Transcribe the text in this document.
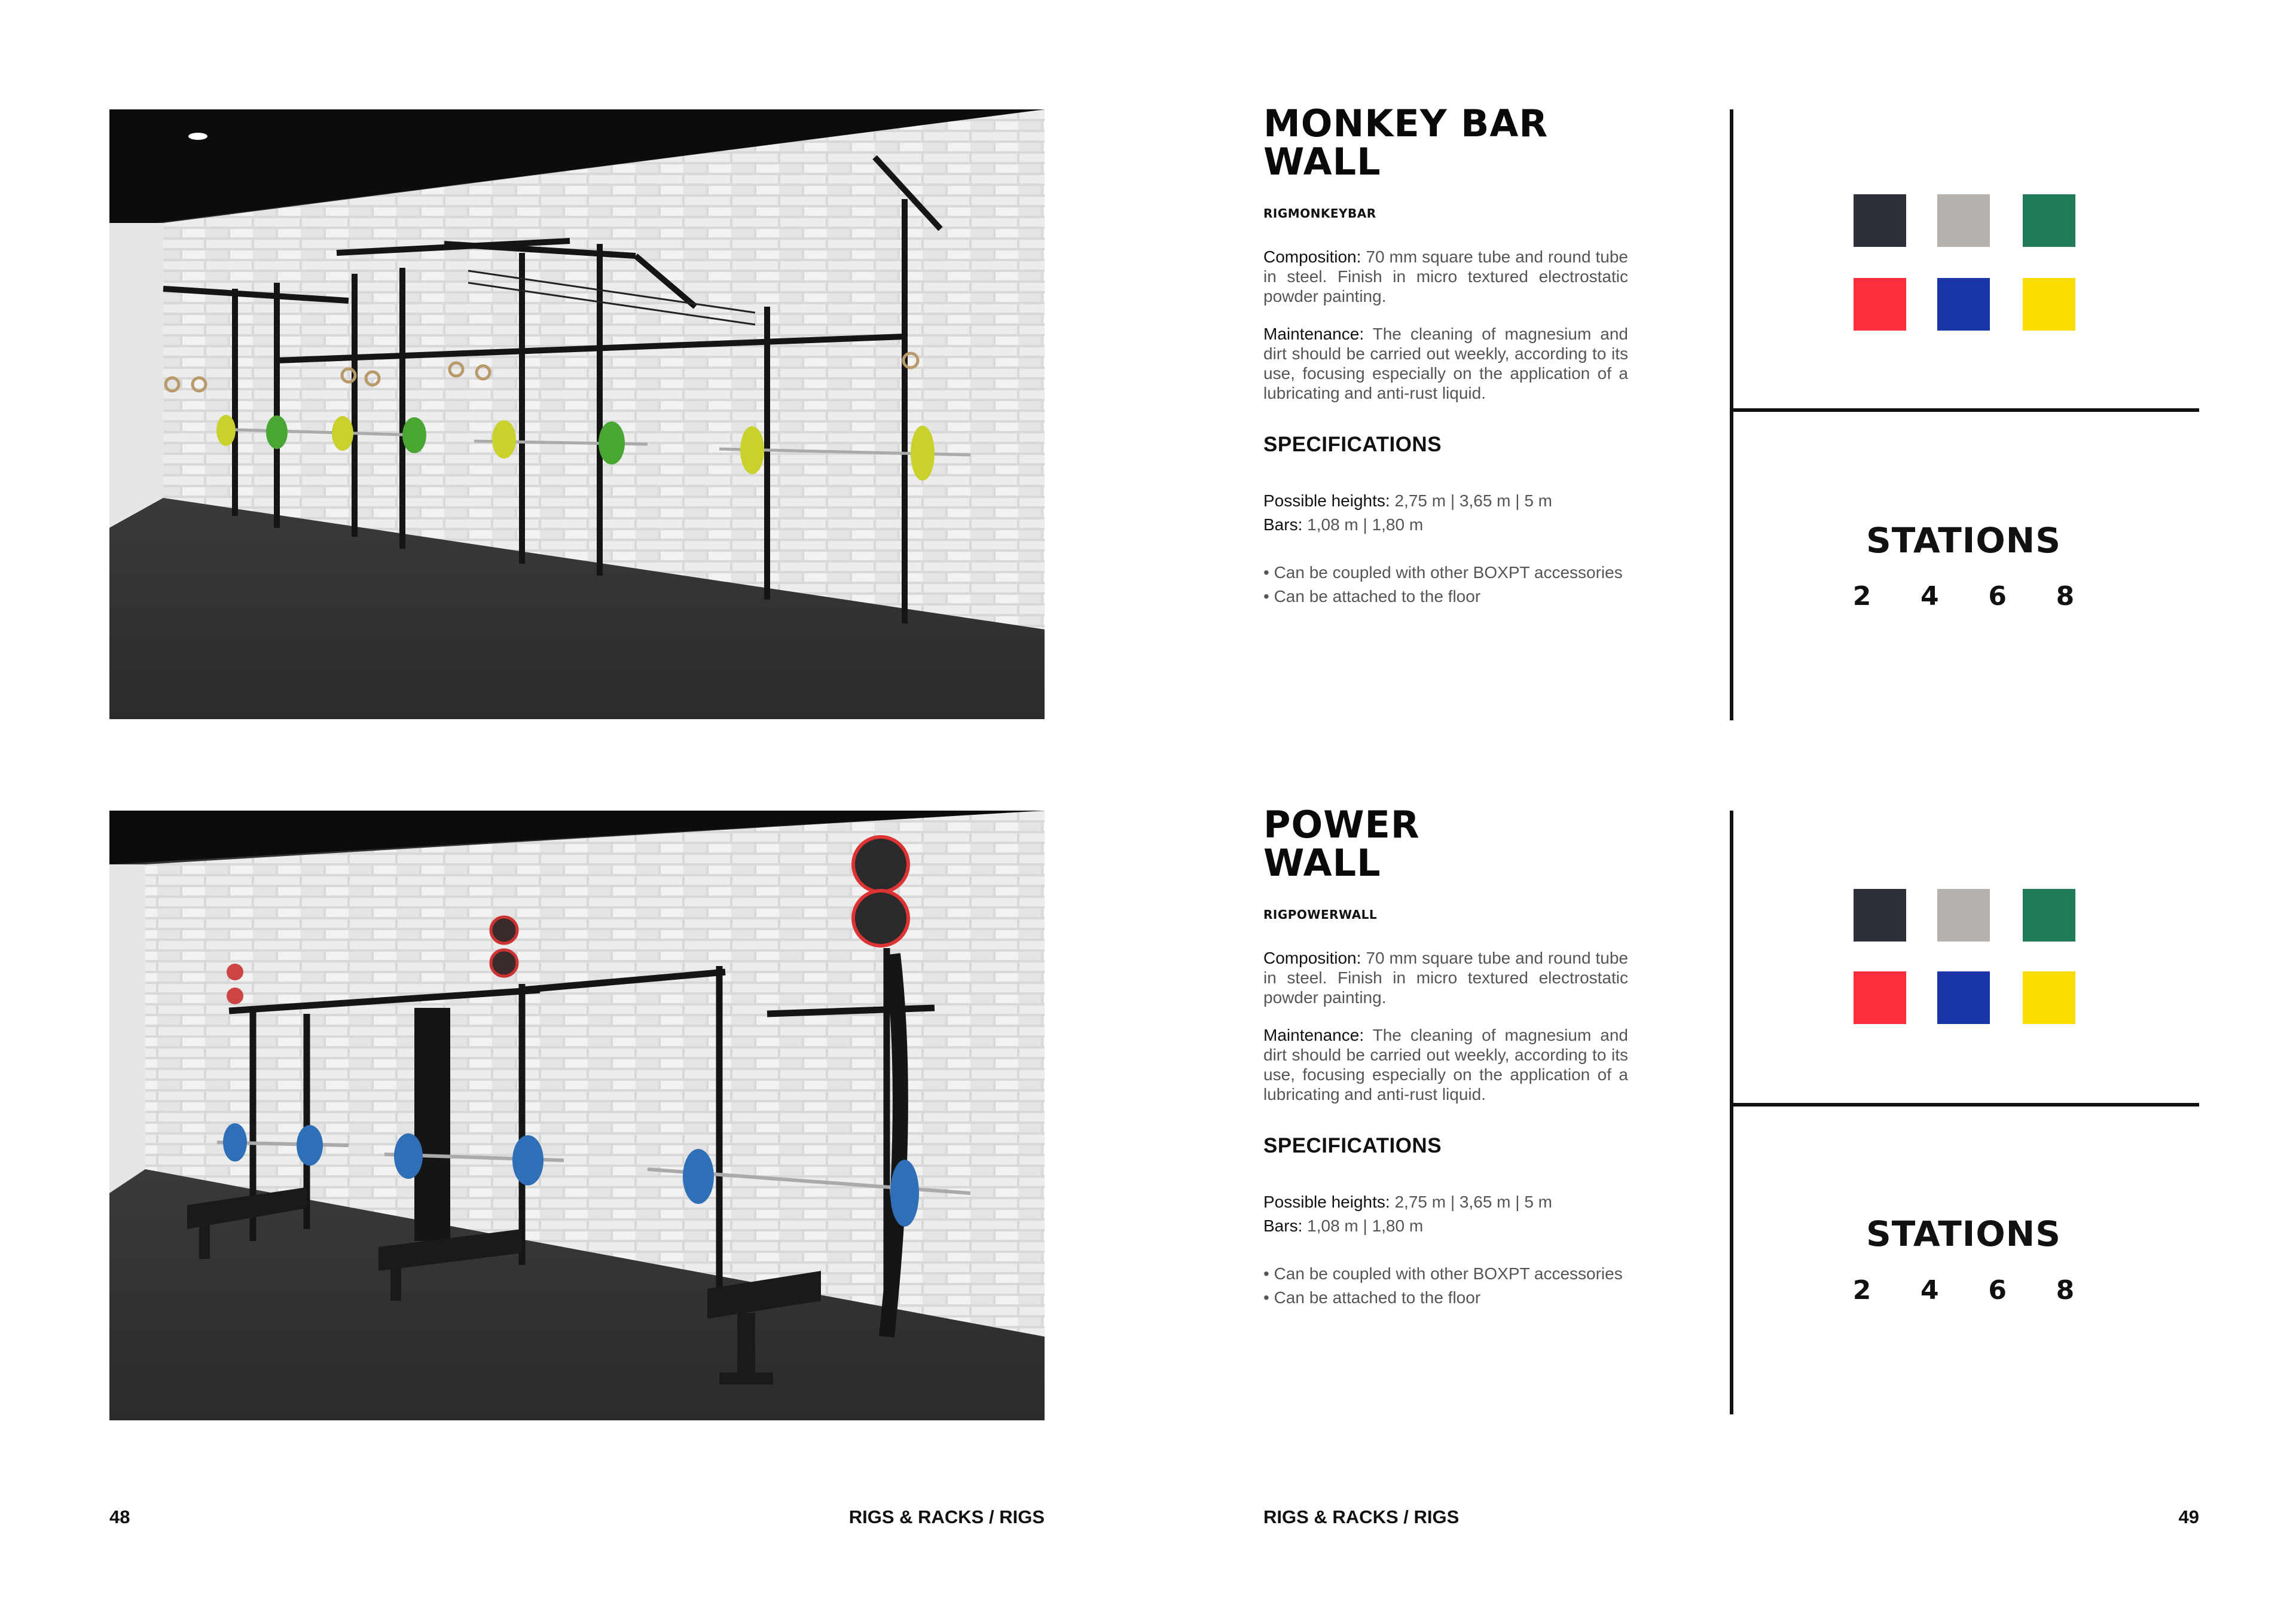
MONKEY BAR
WALL
RIGMONKEYBAR
Composition: 70 mm square tube and round tube in steel. Finish in micro textured electrostatic powder painting.
Maintenance: The cleaning of magnesium and dirt should be carried out weekly, according to its use, focusing especially on the application of a lubricating and anti-rust liquid.
SPECIFICATIONS
Possible heights: 2,75 m | 3,65 m | 5 m
Bars: 1,08 m | 1,80 m
• Can be coupled with other BOXPT accessories
• Can be attached to the floor
POWER
WALL
RIGPOWERWALL
Composition: 70 mm square tube and round tube in steel. Finish in micro textured electrostatic powder painting.
Maintenance: The cleaning of magnesium and dirt should be carried out weekly, according to its use, focusing especially on the application of a lubricating and anti-rust liquid.
SPECIFICATIONS
Possible heights: 2,75 m | 3,65 m | 5 m
Bars: 1,08 m | 1,80 m
• Can be coupled with other BOXPT accessories
• Can be attached to the floor
STATIONS
2	4	6	8
STATIONS
2	4	6	8
48	RIGS & RACKS / RIGS	RIGS & RACKS / RIGS	49
